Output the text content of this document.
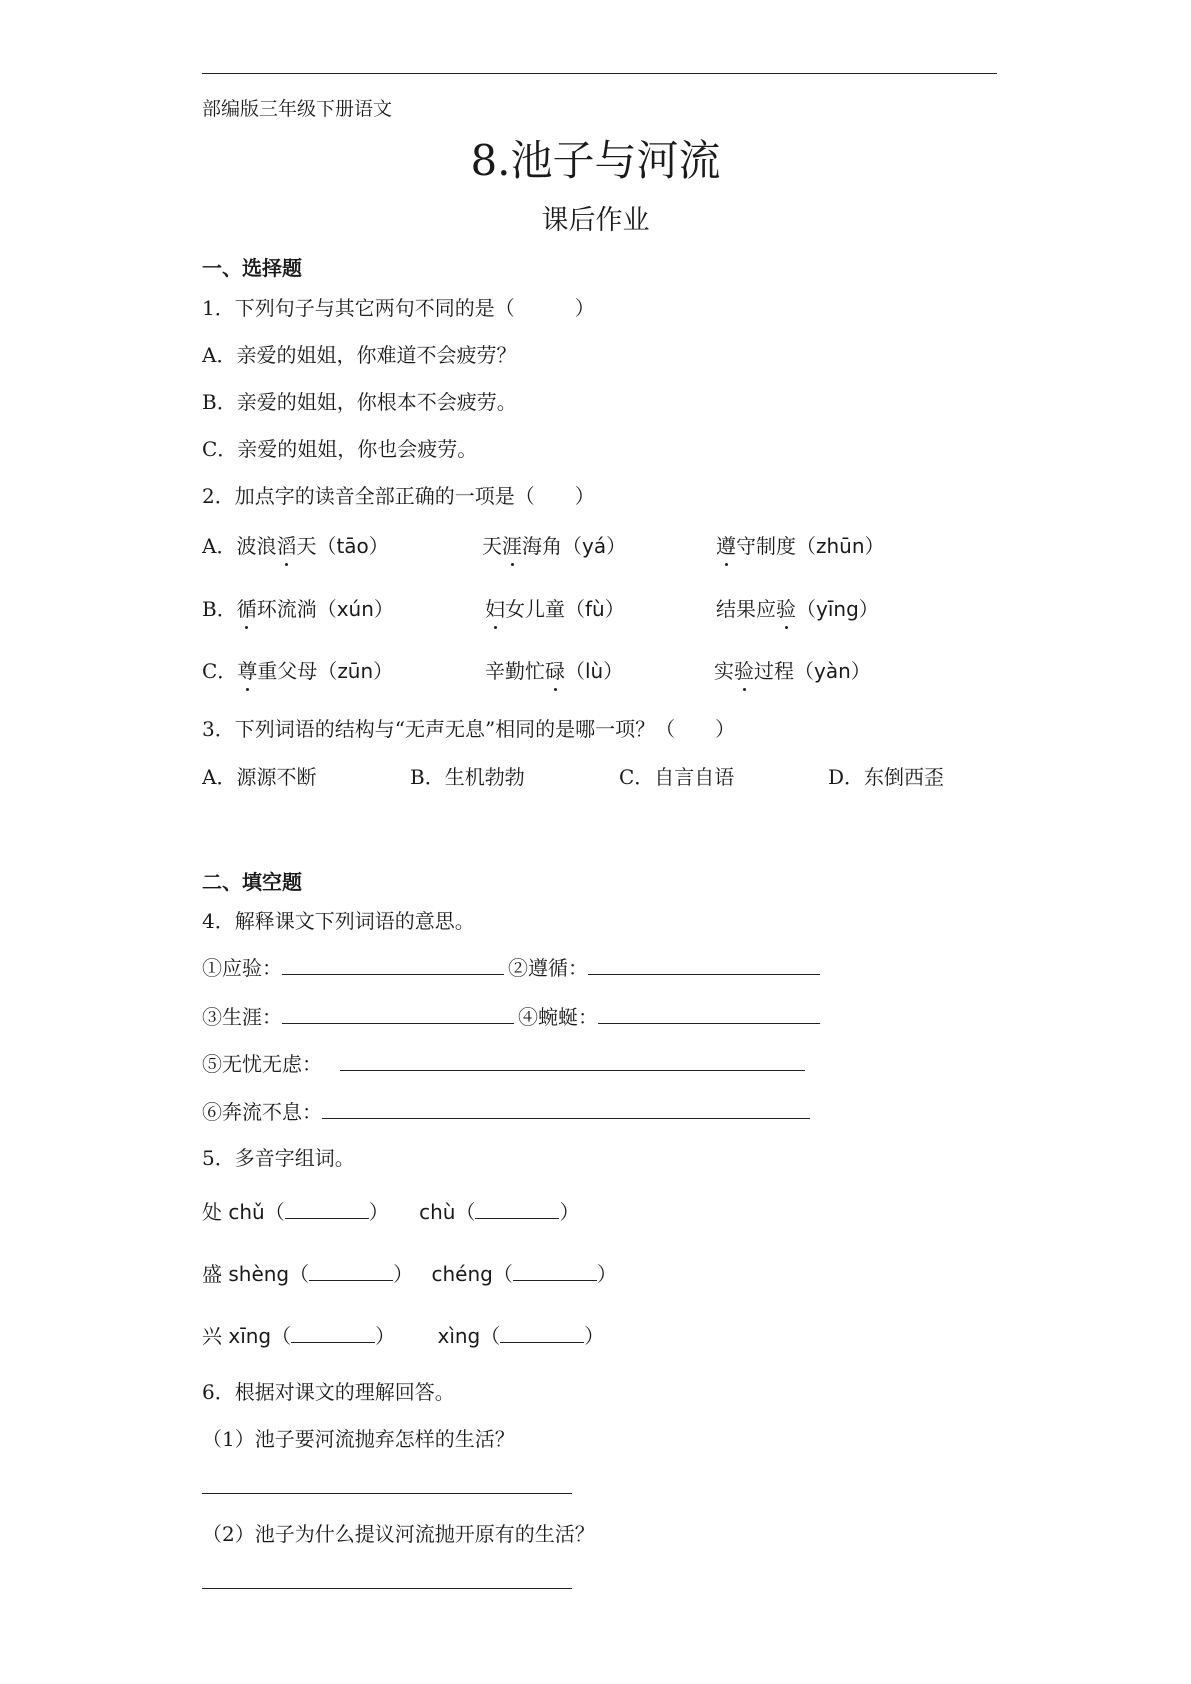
部编版三年级下册语文
8.池子与河流
课后作业
一、选择题
1．下列句子与其它两句不同的是（　　　）
A．亲爱的姐姐，你难道不会疲劳？
B．亲爱的姐姐，你根本不会疲劳。
C．亲爱的姐姐，你也会疲劳。
2．加点字的读音全部正确的一项是（　　）
A．波浪滔天（tāo）	天涯海角（yá）	遵守制度（zhūn）
B．循环流淌（xún）	妇女儿童（fù）	结果应验（yīng）
C．尊重父母（zūn）	辛勤忙碌（lù）	实验过程（yàn）
3．下列词语的结构与“无声无息”相同的是哪一项？（　　）
A．源源不断	B．生机勃勃	C．自言自语	D．东倒西歪
二、填空题
4．解释课文下列词语的意思。
①应验：	②遵循：
③生涯：	④蜿蜒：
⑤无忧无虑：
⑥奔流不息：
5．多音字组词。
处 chǔ（	） chù（	）
盛 shèng（	） chéng（	）
兴 xīng（	） xìng（	）
6．根据对课文的理解回答。
（1）池子要河流抛弃怎样的生活？
（2）池子为什么提议河流抛开原有的生活？
